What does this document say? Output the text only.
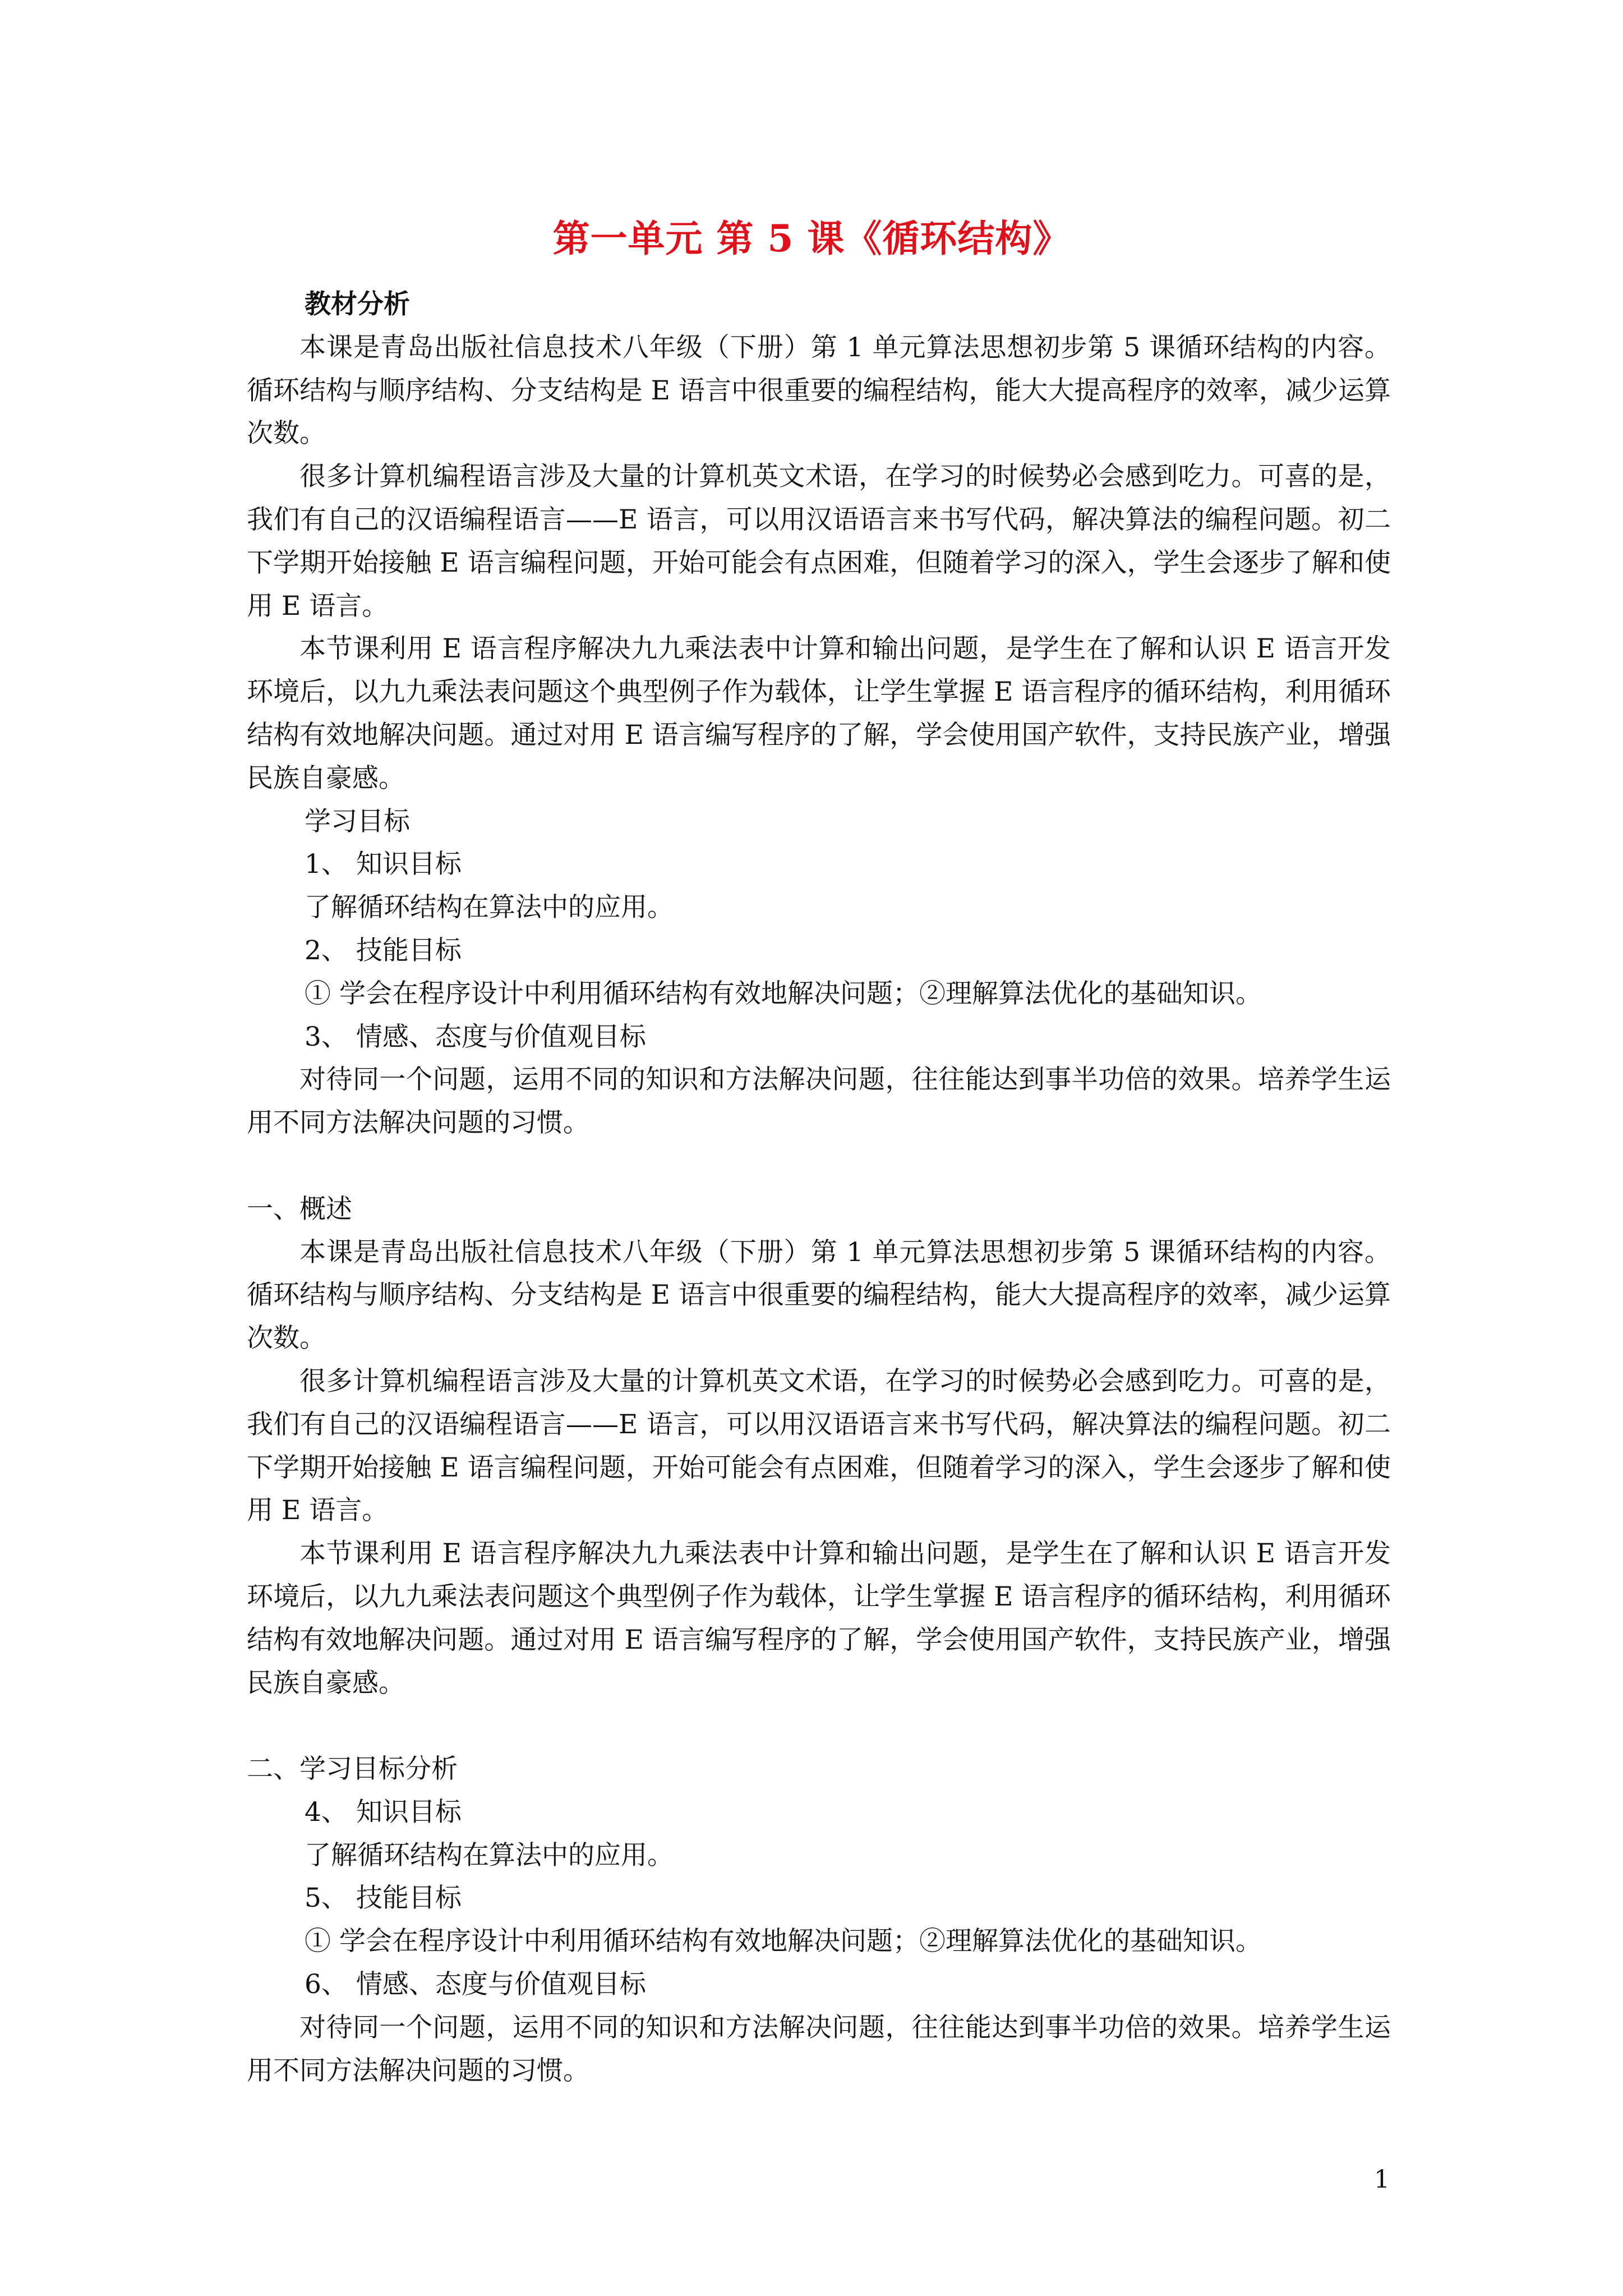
第一单元 第 5 课《循环结构》

教材分析

本课是青岛出版社信息技术八年级（下册）第 1 单元算法思想初步第 5 课循环结构的内容。循环结构与顺序结构、分支结构是 E 语言中很重要的编程结构，能大大提高程序的效率，减少运算次数。

很多计算机编程语言涉及大量的计算机英文术语，在学习的时候势必会感到吃力。可喜的是，我们有自己的汉语编程语言——E 语言，可以用汉语语言来书写代码，解决算法的编程问题。初二下学期开始接触 E 语言编程问题，开始可能会有点困难，但随着学习的深入，学生会逐步了解和使用 E 语言。

本节课利用 E 语言程序解决九九乘法表中计算和输出问题，是学生在了解和认识 E 语言开发环境后，以九九乘法表问题这个典型例子作为载体，让学生掌握 E 语言程序的循环结构，利用循环结构有效地解决问题。通过对用 E 语言编写程序的了解，学会使用国产软件，支持民族产业，增强民族自豪感。

学习目标

1、 知识目标

了解循环结构在算法中的应用。

2、 技能目标

① 学会在程序设计中利用循环结构有效地解决问题；②理解算法优化的基础知识。

3、 情感、态度与价值观目标

对待同一个问题，运用不同的知识和方法解决问题，往往能达到事半功倍的效果。培养学生运用不同方法解决问题的习惯。

一、概述

本课是青岛出版社信息技术八年级（下册）第 1 单元算法思想初步第 5 课循环结构的内容。循环结构与顺序结构、分支结构是 E 语言中很重要的编程结构，能大大提高程序的效率，减少运算次数。

很多计算机编程语言涉及大量的计算机英文术语，在学习的时候势必会感到吃力。可喜的是，我们有自己的汉语编程语言——E 语言，可以用汉语语言来书写代码，解决算法的编程问题。初二下学期开始接触 E 语言编程问题，开始可能会有点困难，但随着学习的深入，学生会逐步了解和使用 E 语言。

本节课利用 E 语言程序解决九九乘法表中计算和输出问题，是学生在了解和认识 E 语言开发环境后，以九九乘法表问题这个典型例子作为载体，让学生掌握 E 语言程序的循环结构，利用循环结构有效地解决问题。通过对用 E 语言编写程序的了解，学会使用国产软件，支持民族产业，增强民族自豪感。

二、学习目标分析

4、 知识目标

了解循环结构在算法中的应用。

5、 技能目标

① 学会在程序设计中利用循环结构有效地解决问题；②理解算法优化的基础知识。

6、 情感、态度与价值观目标

对待同一个问题，运用不同的知识和方法解决问题，往往能达到事半功倍的效果。培养学生运用不同方法解决问题的习惯。

1
